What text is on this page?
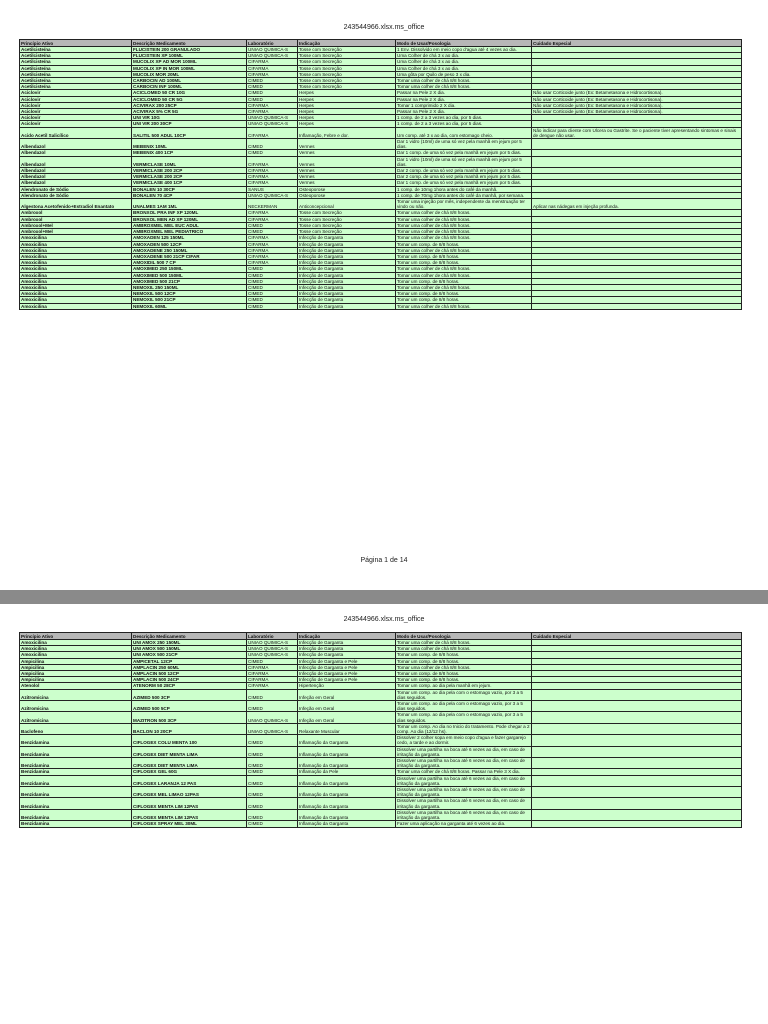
243544966.xlsx.ms_office
Princípio Ativo	Descrição Medicamento	Laboratório	Indicação	Modo de Usar/Posologia	Cuidado Especial
Acetilcisteína	FLUCISTEIN 200 GRANULADO	UNIAO QUIMICA-S	Tosse com Secreção	1 Env. Dissolvido em meio copo d'agua até 4 vezes ao dia.	
Acetilcisteína	FLUCISTEIN XP 100ML	UNIAO QUIMICA-S	Tosse com Secreção	Uma Colher de chá 3 x ao dia.	
Acetilcisteína	MUCOLIX XP AD MOR 100ML	CIFARMA	Tosse com Secreção	Uma Colher de chá 3 x ao dia.	
Acetilcisteína	MUCOLIX XP IN MOR 100ML	CIFARMA	Tosse com Secreção	Uma Colher de chá 3 x ao dia.	
Acetilcisteína	MUCOLIX MOR 20ML	CIFARMA	Tosse com Secreção	Uma gôta por Quilo de peso 3 x dia.	
Acetilcisteína	CARBOCIN AD 100ML	CIMED	Tosse com Secreção	Tomar uma colher de chá 8/8 horas.	
Acetilcisteína	CARBOCIN INF 100ML	CIMED	Tosse com Secreção	Tomar uma colher de chá 8/8 horas.	
Aciclovir	ACICLOMED 50 CR 10G	CIMED	Herpes	Passar na Pele 2 X dia.	Não usar Corticoide junto (Ex: Betametasona e Hidrocortisona).
Aciclovir	ACICLOMED 50 CR 5G	CIMED	Herpes	Passar na Pele 2 X dia.	Não usar Corticoide junto (Ex: Betametasona e Hidrocortisona).
Aciclovir	ACIVIRAX 200 25CP	CIFARMA	Herpes	Tomar 1 comprimido 2 X dia.	Não usar Corticoide junto (Ex: Betametasona e Hidrocortisona).
Aciclovir	ACIVIRAX 5% CR 5G	CIFARMA	Herpes	Passar na Pele 2 X dia.	Não usar Corticoide junto (Ex: Betametasona e Hidrocortisona).
Aciclovir	UNI VIR 10G	UNIAO QUIMICA-S	Herpes	1 comp. de 2 a 3 vezes ao dia, por 5 dias.	
Aciclovir	UNI VIR 200 30CP	UNIAO QUIMICA-S	Herpes	1 comp. de 2 a 3 vezes ao dia, por 5 dias.	
Acido Acetil Salicílico	SALITIL 500 ADUL 10CP	CIFARMA	Inflamação, Febre e dor.	Um comp. até 3 x ao dia, com estomago cheio.	Não indicar para cliente com Ulcera ou Gastrite. Se o paciente tiver apresentando sintomas e sinais de dengue não usar.
Albendazol	MEBENIX 10ML	CIMED	Vermes	Dar 1 vidro (10ml) de uma só vez pela manhã em jejum por 5 dias.	
Albendazol	MEBENIX 400 1CP	CIMED	Vermes	Dar 1 comp. de uma só vez pela manhã em jejum por 5 dias.	
Albendazol	VERMICLASE 10ML	CIFARMA	Vermes	Dar 1 vidro (10ml) de uma só vez pela manhã em jejum por 5 dias.	
Albendazol	VERMICLASE 200 2CP	CIFARMA	Vermes	Dar 2 comp. de uma só vez pela manhã em jejum por 5 dias.	
Albendazol	VERMICLASE 200 2CP	CIFARMA	Vermes	Dar 2 comp. de uma só vez pela manhã em jejum por 5 dias.	
Albendazol	VERMICLASE 400 1CP	CIFARMA	Vermes	Dar 1 comp. de uma só vez pela manhã em jejum por 5 dias.	
Alendronato de Sódio	BONALEN 10 30CP	SANUS	Osteoporose	1 comp. de 10mg 1hora antes do café da manhã.	
Alendronato de Sódio	BONALEN 70 4CP	UNIAO QUIMICA-S	Osteoporose	1 comp. de 70mg 1hora antes do café da manhã, por semana.	
Algestona Acetofenido+Estradiol Enantato	UNALMES 1AM 1ML	NECKERMAN	Anticoncepcional	Tomar uma injeção por mês, independente da menstruação ter vindo ou não.	Aplicar nas nádegas em injeção profunda.
Ambroxol	BRONXOL PRA INF XP 120ML	CIFARMA	Tosse com Secreção	Tomar uma colher de chá 8/8 horas.	
Ambroxol	BRONXOL MEN AD XP 120ML	CIFARMA	Tosse com Secreção	Tomar uma colher de chá 8/8 horas.	
Ambroxol+Mel	AMBROXMEL MEL EUC ADUL	CIMED	Tosse com Secreção	Tomar uma colher de chá 8/8 horas.	
Ambroxol+Mel	AMBROXMEL MEL PEDIATRICO	CIMED	Tosse com Secreção	Tomar uma colher de chá 8/8 horas.	
Amoxicilina	AMOXADEN 125 150ML	CIFARMA	Infecção de Garganta	Tomar uma colher de chá 8/8 horas.	
Amoxicilina	AMOXADEN 500 12CP	CIFARMA	Infecção de Garganta	Tomar um comp. de 8/8 horas.	
Amoxicilina	AMOXADENE 250 150ML	CIFARMA	Infecção de Garganta	Tomar uma colher de chá 8/8 horas.	
Amoxicilina	AMOXADENE 500 21CP CIFAR	CIFARMA	Infecção de Garganta	Tomar um comp. de 8/8 horas.	
Amoxicilina	AMOXIDIL 500 7 CP	CIFARMA	Infecção de Garganta	Tomar um comp. de 8/8 horas.	
Amoxicilina	AMOXIMED 250 150ML	CIMED	Infecção de Garganta	Tomar uma colher de chá 8/8 horas.	
Amoxicilina	AMOXIMED 500 150ML	CIMED	Infecção de Garganta	Tomar uma colher de chá 8/8 horas.	
Amoxicilina	AMOXIMED 500 21CP	CIMED	Infecção de Garganta	Tomar um comp. de 8/8 horas.	
Amoxicilina	NEMOXIL 250 150ML	CIMED	Infecção de Garganta	Tomar uma colher de chá 8/8 horas.	
Amoxicilina	NEMOXIL 500 12CP	CIMED	Infecção de Garganta	Tomar um comp. de 8/8 horas.	
Amoxicilina	NEMOXIL 500 21CP	CIMED	Infecção de Garganta	Tomar um comp. de 8/8 horas.	
Amoxicilina	NEMOXIL 60ML	CIMED	Infecção de Garganta	Tomar uma colher de chá 8/8 horas.	
Página 1 de 14
243544966.xlsx.ms_office
Princípio Ativo	Descrição Medicamento	Laboratório	Indicação	Modo de Usar/Posologia	Cuidado Especial
Amoxicilina	UNI AMOX 250 150ML	UNIAO QUIMICA-S	Infecção de Garganta	Tomar uma colher de chá 8/8 horas.	
Amoxicilina	UNI AMOX 500 150ML	UNIAO QUIMICA-S	Infecção de Garganta	Tomar uma colher de chá 8/8 horas.	
Amoxicilina	UNI AMOX 500 21CP	UNIAO QUIMICA-S	Infecção de Garganta	Tomar um comp. de 8/8 horas.	
Ampicilina	AMPICETAL 12CP	CIMED	Infecção de Garganta e Pele	Tomar um comp. de 8/8 horas.	
Ampicilina	AMPLACIN 250 60ML	CIFARMA	Infecção de Garganta e Pele	Tomar uma colher de chá 8/8 horas.	
Ampicilina	AMPLACIN 500 12CP	CIFARMA	Infecção de Garganta e Pele	Tomar um comp. de 8/8 horas.	
Ampicilina	AMPLACIN 500 24CP	CIFARMA	Infecção de Garganta e Pele	Tomar um comp. de 8/8 horas.	
Atenolol	ATENORM 50 28CP	CIFARMA	Hipertenção	Tomar um comp. ao dia pela manhã em jejum.	
Azitromicina	AZIMED 500 3CP	CIMED	Infeção em Geral	Tomar um comp. ao dia pela com o estomago vazio, por 3 a 5 dias seguidos.	
Azitromicina	AZIMED 500 5CP	CIMED	Infeção em Geral	Tomar um comp. ao dia pela com o estomago vazio, por 3 a 5 dias seguidos.	
Azitromicina	MAZITRON 500 3CP	UNIAO QUIMICA-S	Infeção em Geral	Tomar um comp. ao dia pela com o estomago vazio, por 3 a 5 dias seguidos.	
Baclofeno	BACLON 10 20CP	UNIAO QUIMICA-S	Relaxante Muscular	Tomar um comp. Ao dia no Inicio do tratamento. Pode chegar a 2 comp. Ao dia (12/12 hs).	
Benzidamina	CIFLOGEX COLU MENTA 100	CIMED	Inflamação da Garganta	Dissolver 2 colher sopa em meio copo d'agua e fazer gargarejo cedo, a tarde e ao dormir.	
Benzidamina	CIFLOGEX DIET MENTA LIMA	CIMED	Inflamação da Garganta	Dissolver uma partilha na boca até 6 vezes ao dia, em caso de irritação da garganta.	
Benzidamina	CIFLOGEX DIET MENTA LIMA	CIMED	Inflamação da Garganta	Dissolver uma partilha na boca até 6 vezes ao dia, em caso de irritação da garganta.	
Benzidamina	CIFLOGEX GEL 60G	CIMED	Inflamação da Pele	Tomar uma colher de chá 8/8 horas. Passar na Pele 3 X dia.	
Benzidamina	CIFLOGEX LARANJA 12 PAS	CIMED	Inflamação da Garganta	Dissolver uma partilha na boca até 6 vezes ao dia, em caso de irritação da garganta.	
Benzidamina	CIFLOGEX MEL LIMAO 12PAS	CIMED	Inflamação da Garganta	Dissolver uma partilha na boca até 6 vezes ao dia, em caso de irritação da garganta.	
Benzidamina	CIFLOGEX MENTA LIM 12PAS	CIMED	Inflamação da Garganta	Dissolver uma partilha na boca até 6 vezes ao dia, em caso de irritação da garganta.	
Benzidamina	CIFLOGEX MENTA LIM 12PAS	CIMED	Inflamação da Garganta	Dissolver uma partilha na boca até 6 vezes ao dia, em caso de irritação da garganta.	
Benzidamina	CIFLOGEX SPRAY MEL 30ML	CIMED	Inflamação da Garganta	Fazer uma aplicação na garganta até 6 vezes ao dia.	
